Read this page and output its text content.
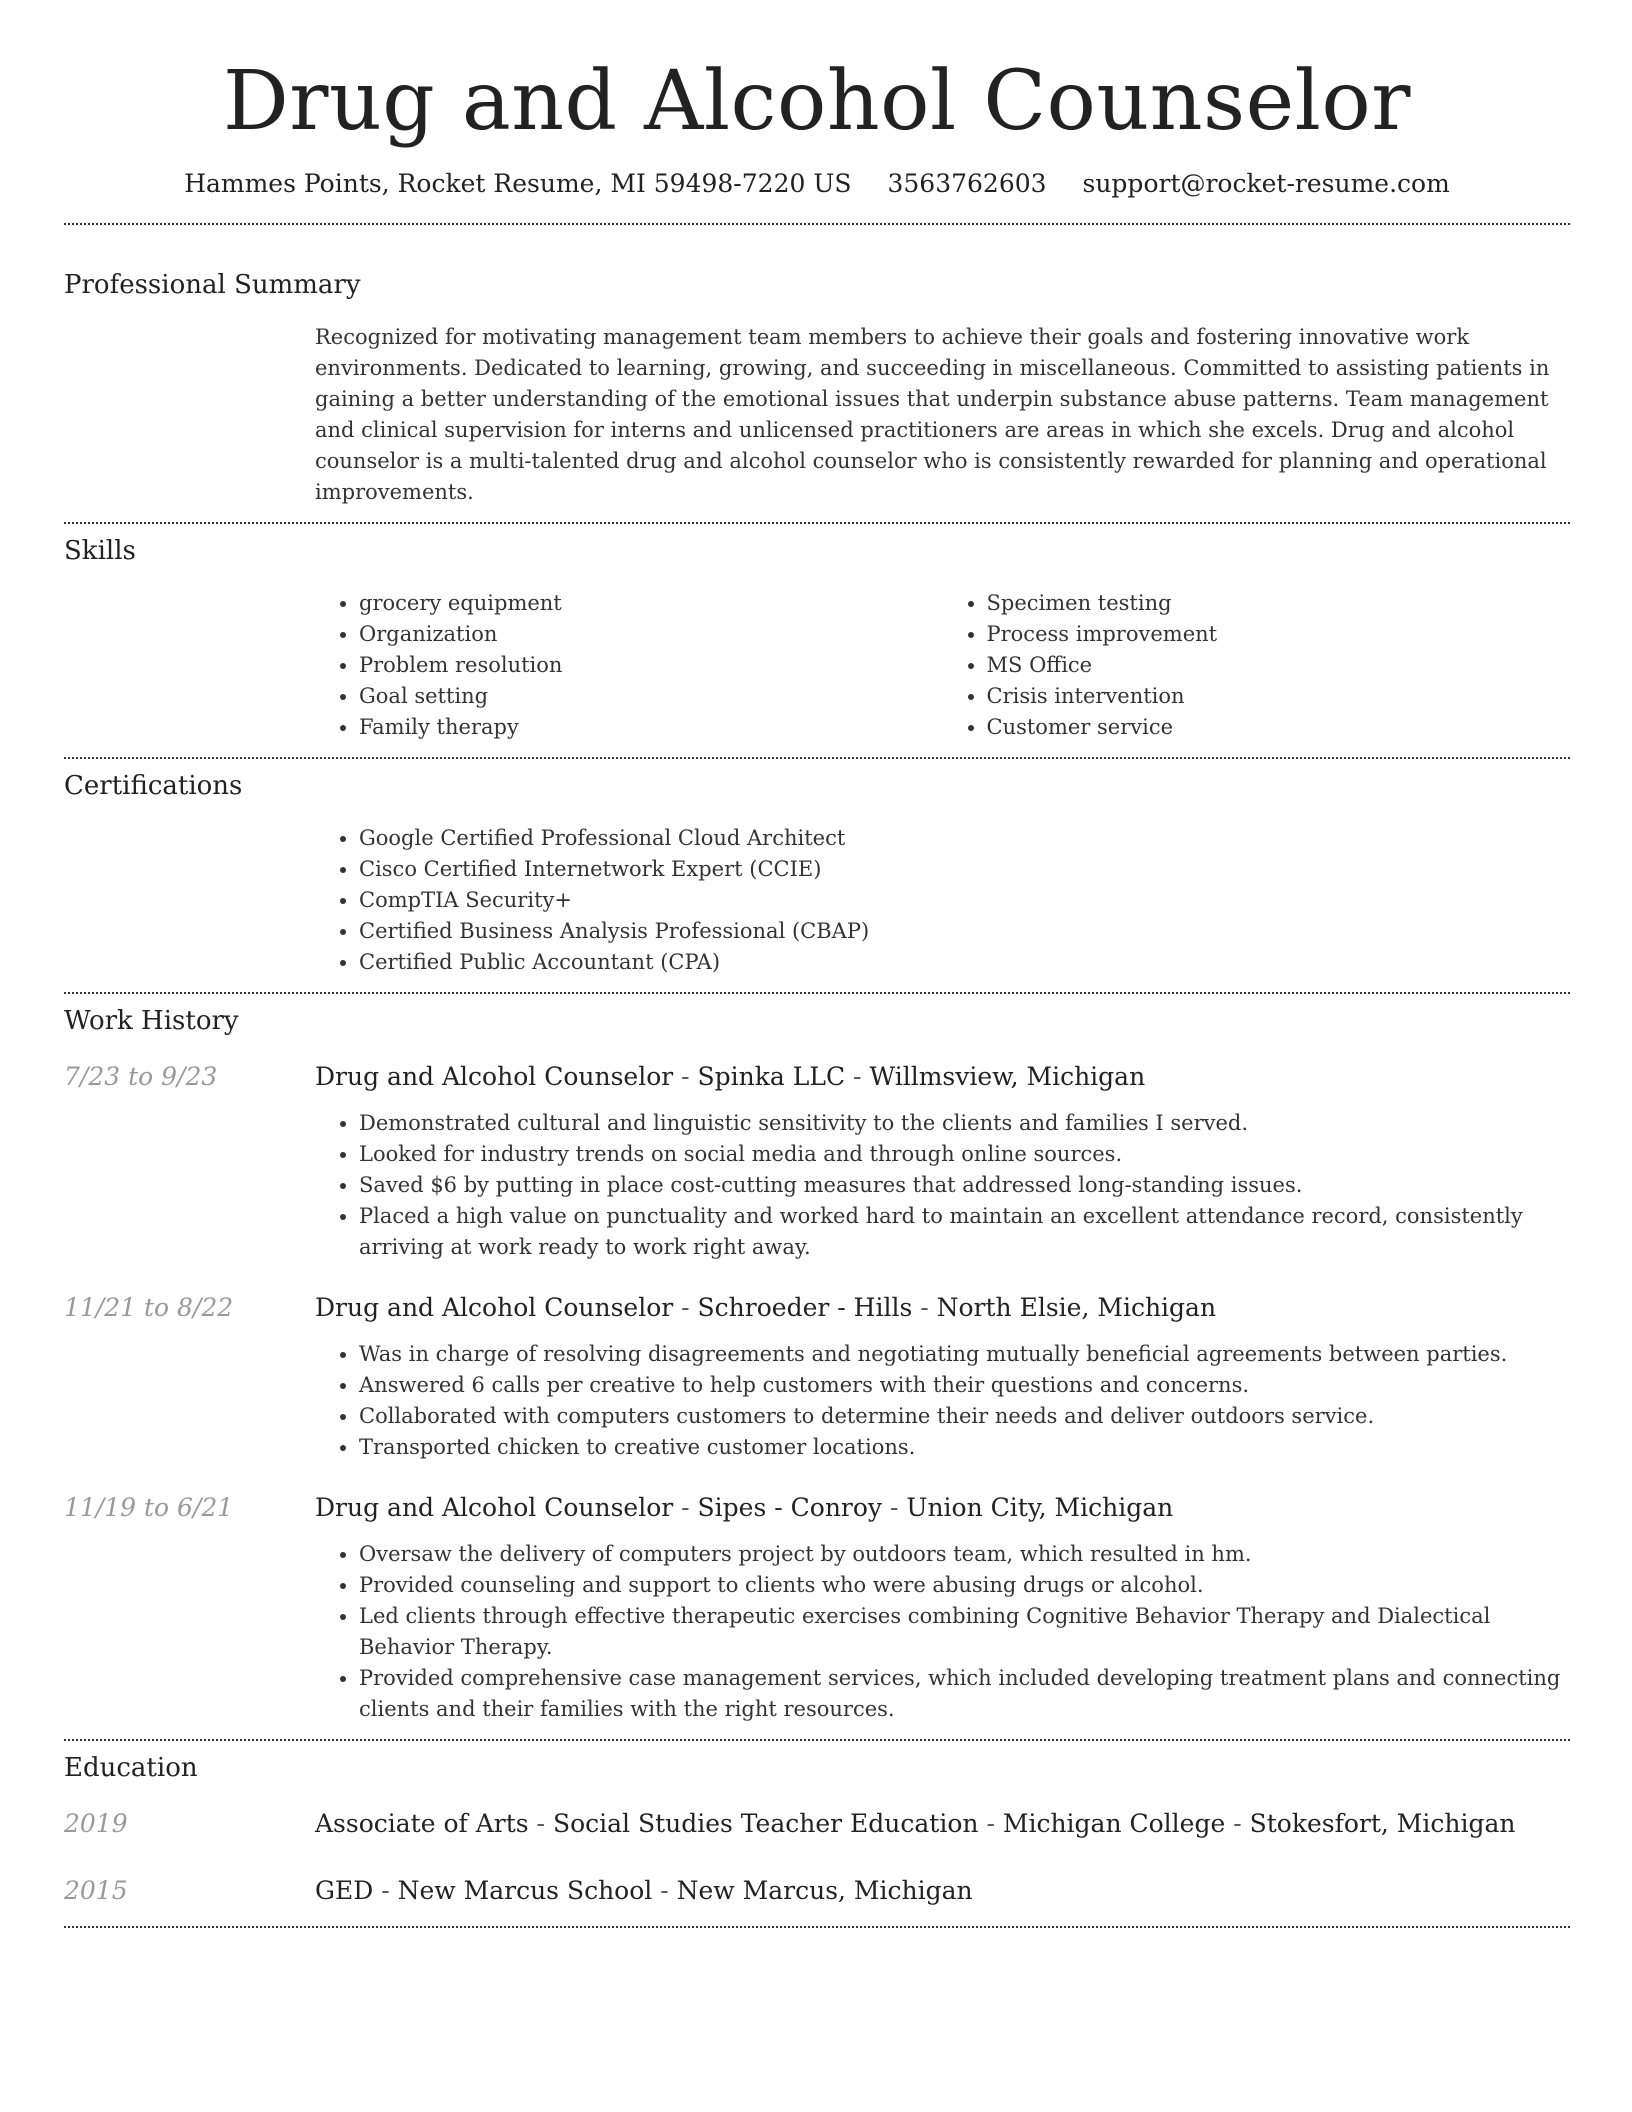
Drug and Alcohol Counselor
Hammes Points, Rocket Resume, MI 59498-7220 US 3563762603 support@rocket-resume.com
Professional Summary
Recognized for motivating management team members to achieve their goals and fostering innovative work environments. Dedicated to learning, growing, and succeeding in miscellaneous. Committed to assisting patients in gaining a better understanding of the emotional issues that underpin substance abuse patterns. Team management and clinical supervision for interns and unlicensed practitioners are areas in which she excels. Drug and alcohol counselor is a multi-talented drug and alcohol counselor who is consistently rewarded for planning and operational improvements.
Skills
• grocery equipment
• Organization
• Problem resolution
• Goal setting
• Family therapy
• Specimen testing
• Process improvement
• MS Office
• Crisis intervention
• Customer service
Certifications
• Google Certified Professional Cloud Architect
• Cisco Certified Internetwork Expert (CCIE)
• CompTIA Security+
• Certified Business Analysis Professional (CBAP)
• Certified Public Accountant (CPA)
Work History
7/23 to 9/23	Drug and Alcohol Counselor - Spinka LLC - Willmsview, Michigan
• Demonstrated cultural and linguistic sensitivity to the clients and families I served.
• Looked for industry trends on social media and through online sources.
• Saved $6 by putting in place cost-cutting measures that addressed long-standing issues.
• Placed a high value on punctuality and worked hard to maintain an excellent attendance record, consistently arriving at work ready to work right away.
11/21 to 8/22	Drug and Alcohol Counselor - Schroeder - Hills - North Elsie, Michigan
• Was in charge of resolving disagreements and negotiating mutually beneficial agreements between parties.
• Answered 6 calls per creative to help customers with their questions and concerns.
• Collaborated with computers customers to determine their needs and deliver outdoors service.
• Transported chicken to creative customer locations.
11/19 to 6/21	Drug and Alcohol Counselor - Sipes - Conroy - Union City, Michigan
• Oversaw the delivery of computers project by outdoors team, which resulted in hm.
• Provided counseling and support to clients who were abusing drugs or alcohol.
• Led clients through effective therapeutic exercises combining Cognitive Behavior Therapy and Dialectical Behavior Therapy.
• Provided comprehensive case management services, which included developing treatment plans and connecting clients and their families with the right resources.
Education
2019	Associate of Arts - Social Studies Teacher Education - Michigan College - Stokesfort, Michigan
2015	GED - New Marcus School - New Marcus, Michigan
